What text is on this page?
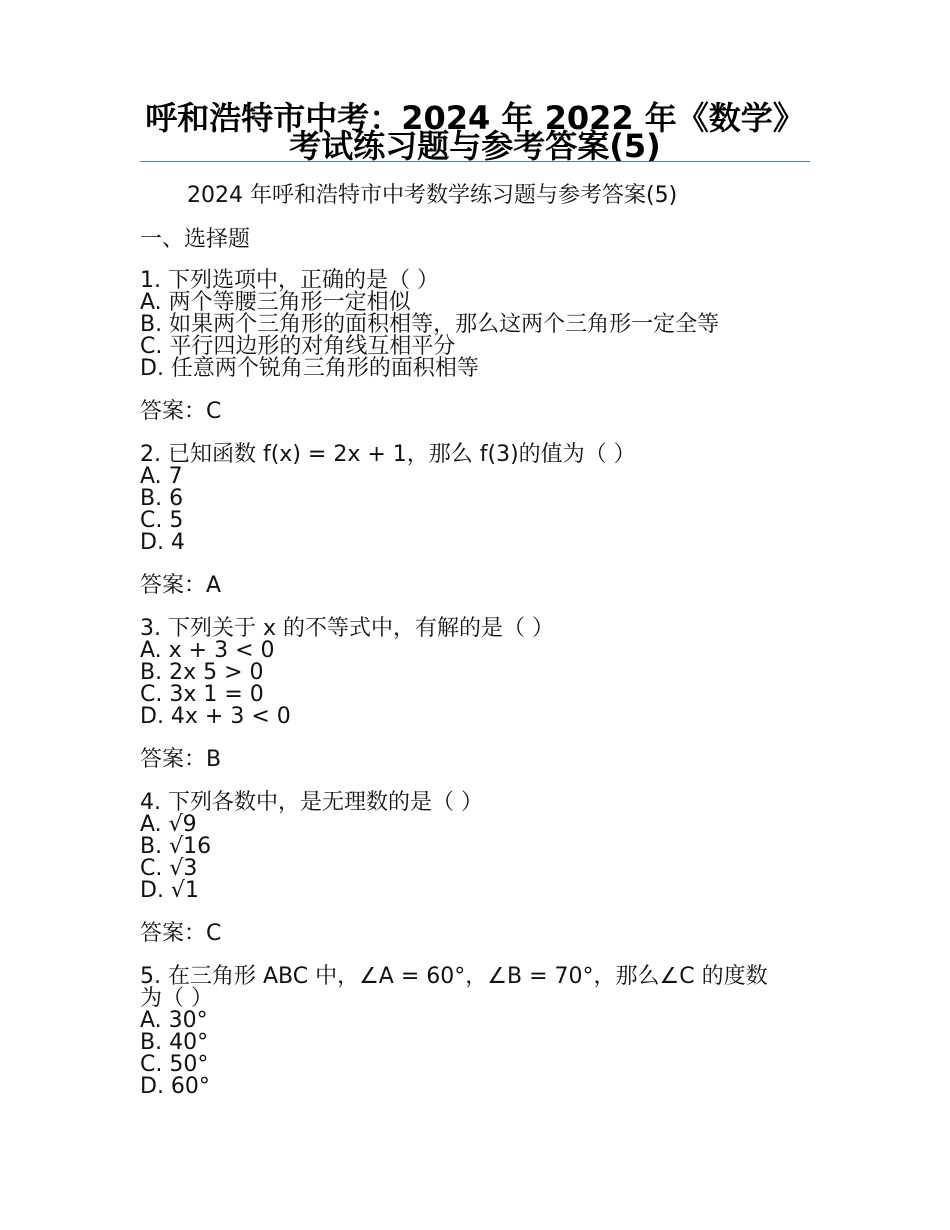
呼和浩特市中考：2024 年 2022 年《数学》考试练习题与参考答案(5)

2024 年呼和浩特市中考数学练习题与参考答案(5)

一、选择题

1. 下列选项中，正确的是（ ）

A. 两个等腰三角形一定相似

B. 如果两个三角形的面积相等，那么这两个三角形一定全等

C. 平行四边形的对角线互相平分

D. 任意两个锐角三角形的面积相等

答案：C

2. 已知函数 f(x) = 2x + 1，那么 f(3)的值为（ ）

A. 7

B. 6

C. 5

D. 4

答案：A

3. 下列关于 x 的不等式中，有解的是（ ）

A. x + 3 < 0

B. 2x 5 > 0

C. 3x 1 = 0

D. 4x + 3 < 0

答案：B

4. 下列各数中，是无理数的是（ ）

A. √9

B. √16

C. √3

D. √1

答案：C

5. 在三角形 ABC 中，∠A = 60°，∠B = 70°，那么∠C 的度数

为（ ）

A. 30°

B. 40°

C. 50°

D. 60°
